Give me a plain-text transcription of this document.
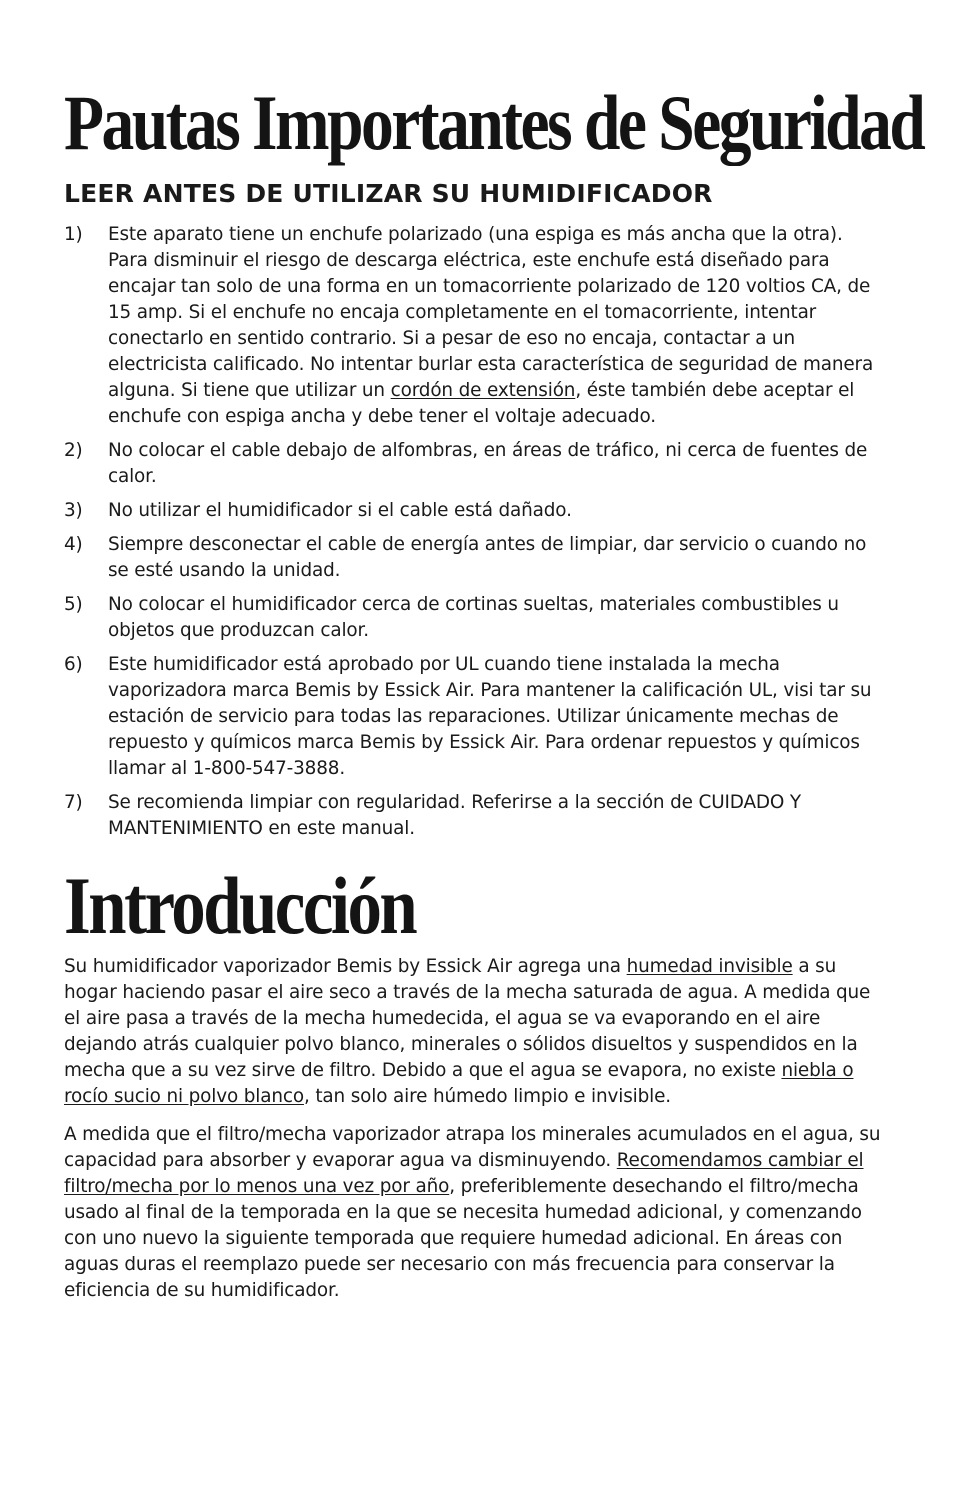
Pautas Importantes de Seguridad
LEER ANTES DE UTILIZAR SU HUMIDIFICADOR
1)	Este aparato tiene un enchufe polarizado (una espiga es más ancha que la otra). Para disminuir el riesgo de descarga eléctrica, este enchufe está diseñado para encajar tan solo de una forma en un tomacorriente polarizado de 120 voltios CA, de 15 amp. Si el enchufe no encaja completamente en el tomacorriente, intentar conectarlo en sentido contrario. Si a pesar de eso no encaja, contactar a un electricista calificado. No intentar burlar esta característica de seguridad de manera alguna. Si tiene que utilizar un cordón de extensión, éste también debe aceptar el enchufe con espiga ancha y debe tener el voltaje adecuado.
2)	No colocar el cable debajo de alfombras, en áreas de tráfico, ni cerca de fuentes de calor.
3)	No utilizar el humidificador si el cable está dañado.
4)	Siempre desconectar el cable de energía antes de limpiar, dar servicio o cuando no se esté usando la unidad.
5)	No colocar el humidificador cerca de cortinas sueltas, materiales combustibles u objetos que produzcan calor.
6)	Este humidificador está aprobado por UL cuando tiene instalada la mecha vaporizadora marca Bemis by Essick Air. Para mantener la calificación UL, visi tar su estación de servicio para todas las reparaciones. Utilizar únicamente mechas de repuesto y químicos marca Bemis by Essick Air. Para ordenar repuestos y químicos llamar al 1-800-547-3888.
7)	Se recomienda limpiar con regularidad. Referirse a la sección de CUIDADO Y MANTENIMIENTO en este manual.
Introducción

Su humidificador vaporizador Bemis by Essick Air agrega una humedad invisible a su hogar haciendo pasar el aire seco a través de la mecha saturada de agua. A medida que el aire pasa a través de la mecha humedecida, el agua se va evaporando en el aire dejando atrás cualquier polvo blanco, minerales o sólidos disueltos y suspendidos en la mecha que a su vez sirve de filtro. Debido a que el agua se evapora, no existe niebla o rocío sucio ni polvo blanco, tan solo aire húmedo limpio e invisible.

A medida que el filtro/mecha vaporizador atrapa los minerales acumulados en el agua, su capacidad para absorber y evaporar agua va disminuyendo. Recomendamos cambiar el filtro/mecha por lo menos una vez por año, preferiblemente desechando el filtro/mecha usado al final de la temporada en la que se necesita humedad adicional, y comenzando con uno nuevo la siguiente temporada que requiere humedad adicional. En áreas con aguas duras el reemplazo puede ser necesario con más frecuencia para conservar la eficiencia de su humidificador.
